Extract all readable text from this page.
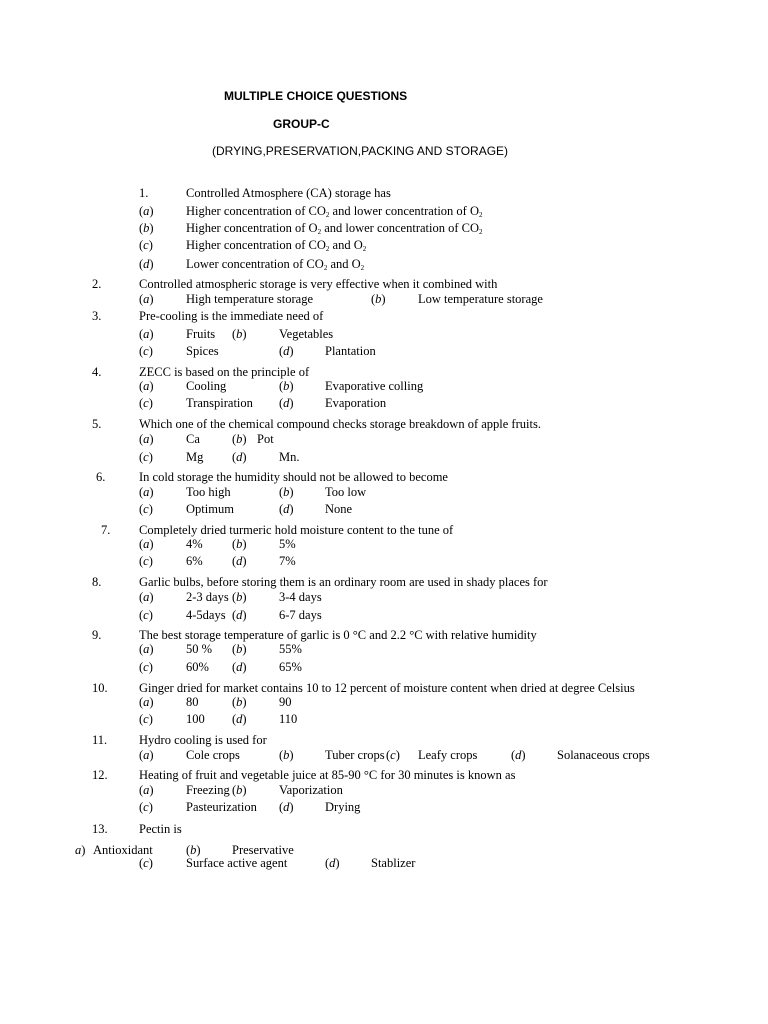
MULTIPLE CHOICE QUESTIONS
GROUP-C
(DRYING,PRESERVATION,PACKING AND STORAGE)
1.	Controlled Atmosphere (CA) storage has
(a)	Higher concentration of $CO_2$ and lower concentration of $O_2$
(b)	Higher concentration of $O_2$ and lower concentration of $CO_2$
(c)	Higher concentration of $CO_2$ and $O_2$
(d)	Lower concentration of $CO_2$ and $O_2$
2.	Controlled atmospheric storage is very effective when it combined with
(a)	High temperature storage	(b)	Low temperature storage
3.	Pre-cooling is the immediate need of
(a)	Fruits (b)	Vegetables
(c)	Spices	(d)	Plantation
4.	ZECC is based on the principle of
(a)	Cooling	(b)	Evaporative colling
(c)	Transpiration (d)	Evaporation
5.	Which one of the chemical compound checks storage breakdown of apple fruits.
(a)	Ca	(b) Pot
(c)	Mg (d)	Mn.
6.	In cold storage the humidity should not be allowed to become
(a)	Too high	(b)	Too low
(c)	Optimum	(d)	None
7. Completely dried turmeric hold moisture content to the tune of
(a)	4% (b)	5%
(c)	6% (d)	7%
8.	Garlic bulbs, before storing them is an ordinary room are used in shady places for
(a)	2-3 days (b)	3-4 days
(c)	4-5days (d)	6-7 days
9.	The best storage temperature of garlic is 0 °C and 2.2 °C with relative humidity
(a)	50 % (b)	55%
(c)	60% (d)	65%
10.	Ginger dried for market contains 10 to 12 percent of moisture content when dried at degree Celsius
(a)	80	(b)	90
(c)	100 (d)	110
11.	Hydro cooling is used for
(a)	Cole crops	(b)	Tuber crops (c) Leafy crops	(d)	Solanaceous crops
12.	Heating of fruit and vegetable juice at 85-90 °C for 30 minutes is known as
(a)	Freezing (b)	Vaporization
(c)	Pasteurization (d)	Drying
13.	Pectin is
a) Antioxidant	(b)	Preservative
(c)	Surface active agent	(d)	Stablizer
